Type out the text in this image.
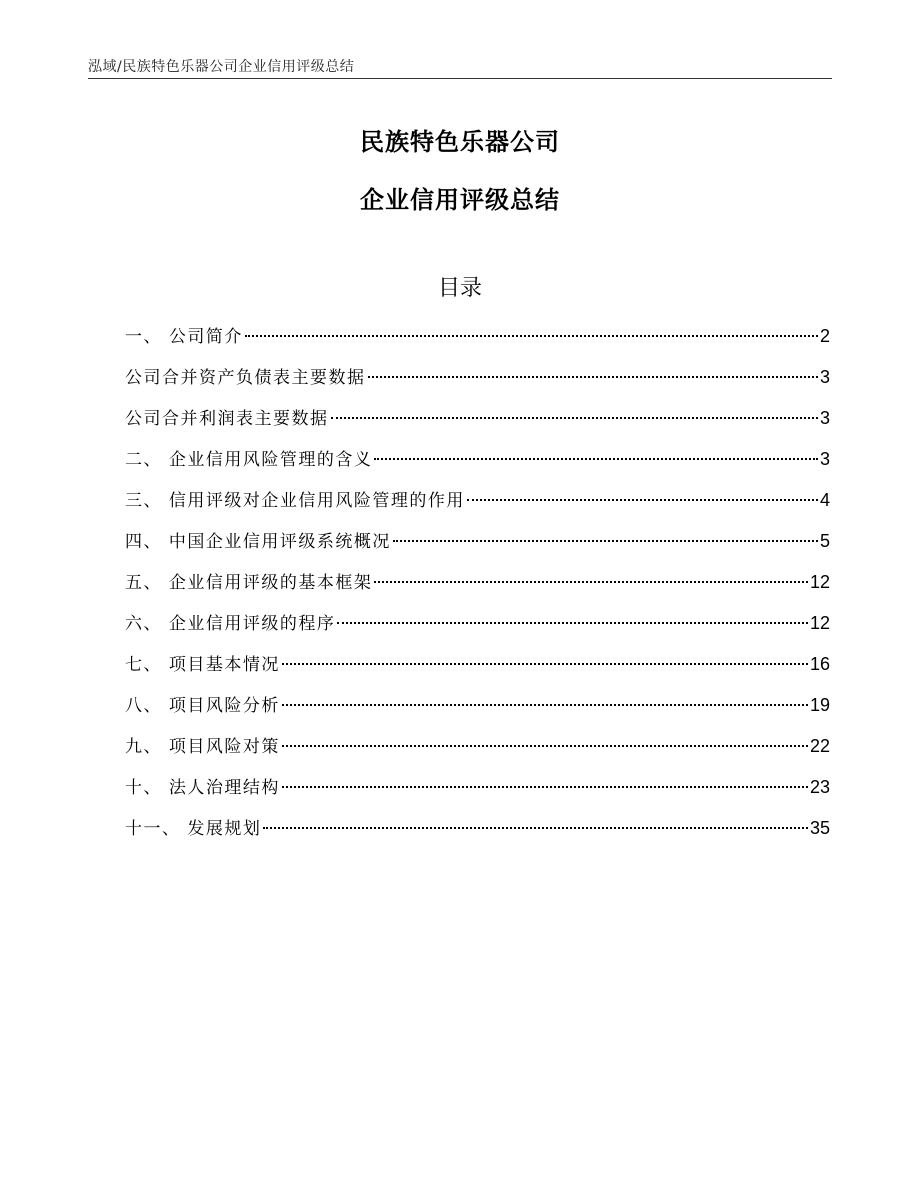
泓域/民族特色乐器公司企业信用评级总结
民族特色乐器公司
企业信用评级总结
目录
一、 公司简介	2
公司合并资产负债表主要数据	3
公司合并利润表主要数据	3
二、 企业信用风险管理的含义	3
三、 信用评级对企业信用风险管理的作用	4
四、 中国企业信用评级系统概况	5
五、 企业信用评级的基本框架	12
六、 企业信用评级的程序	12
七、 项目基本情况	16
八、 项目风险分析	19
九、 项目风险对策	22
十、 法人治理结构	23
十一、 发展规划	35
